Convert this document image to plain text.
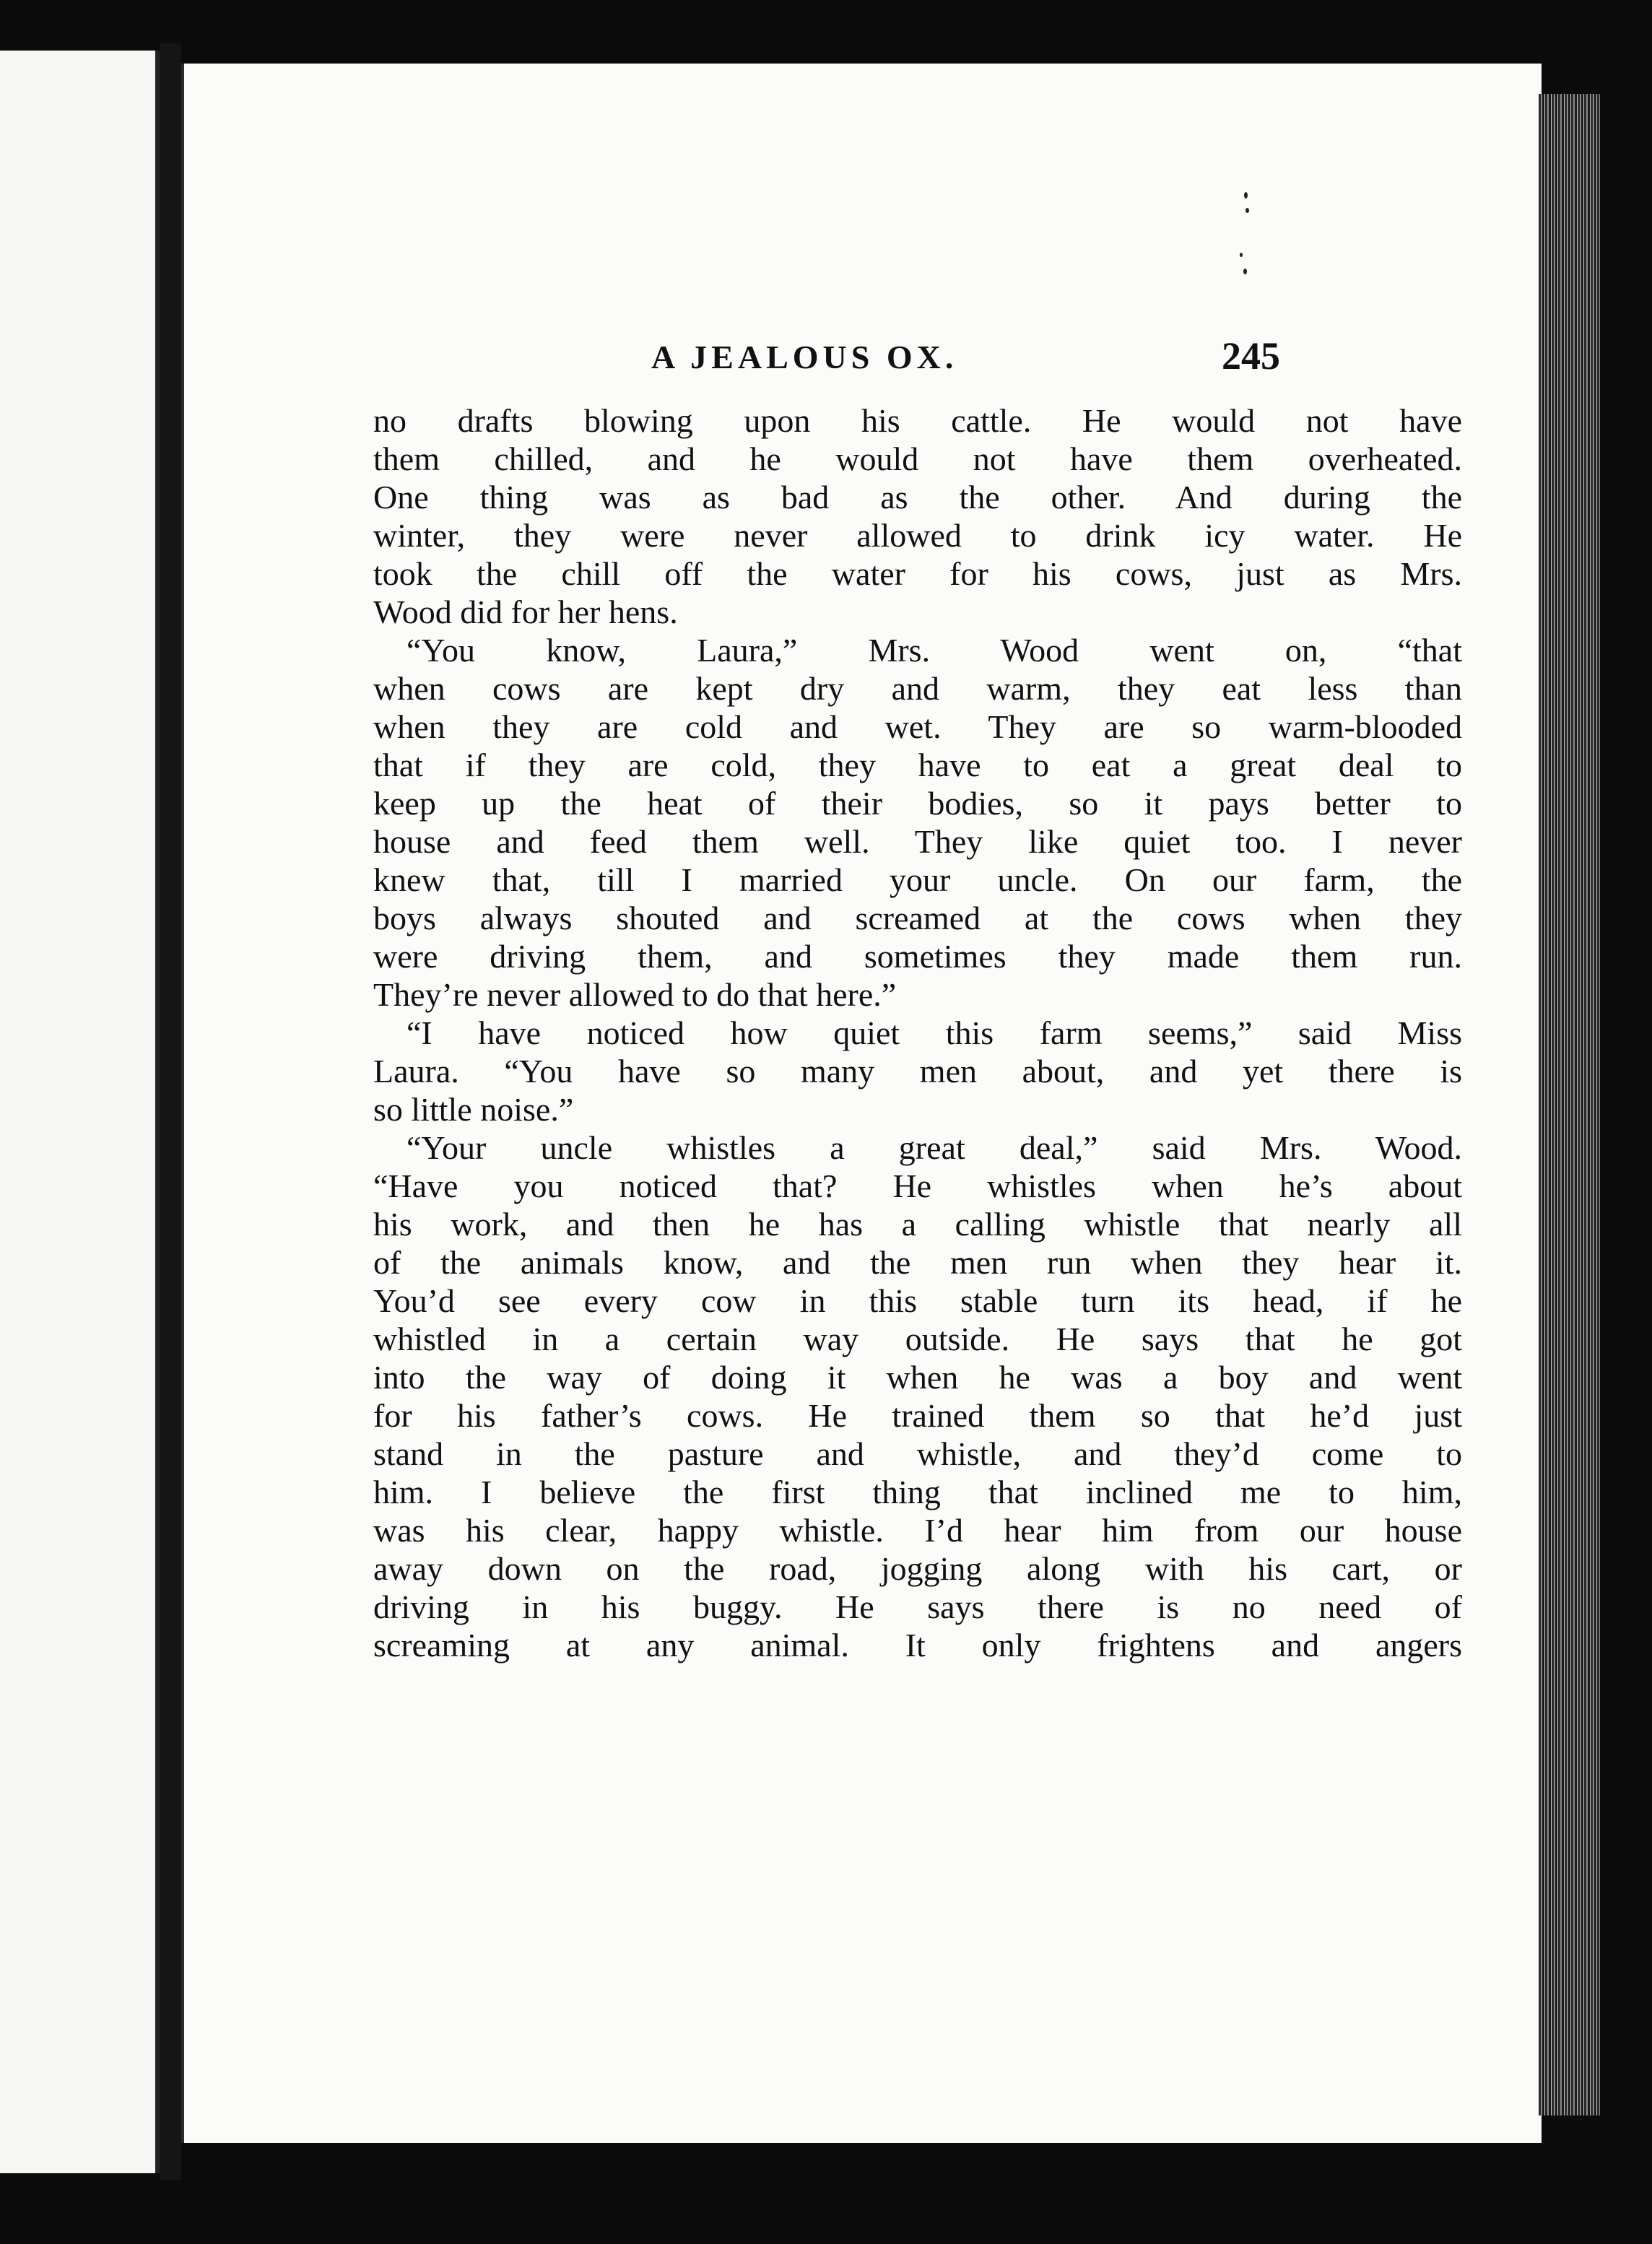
A JEALOUS OX.	245
no drafts blowing upon his cattle. He would not have
them chilled, and he would not have them overheated.
One thing was as bad as the other. And during the
winter, they were never allowed to drink icy water. He
took the chill off the water for his cows, just as Mrs.
Wood did for her hens.
“You know, Laura,” Mrs. Wood went on, “that
when cows are kept dry and warm, they eat less than
when they are cold and wet. They are so warm-blooded
that if they are cold, they have to eat a great deal to
keep up the heat of their bodies, so it pays better to
house and feed them well. They like quiet too. I never
knew that, till I married your uncle. On our farm, the
boys always shouted and screamed at the cows when they
were driving them, and sometimes they made them run.
They’re never allowed to do that here.”
“I have noticed how quiet this farm seems,” said Miss
Laura. “You have so many men about, and yet there is
so little noise.”
“Your uncle whistles a great deal,” said Mrs. Wood.
“Have you noticed that? He whistles when he’s about
his work, and then he has a calling whistle that nearly all
of the animals know, and the men run when they hear it.
You’d see every cow in this stable turn its head, if he
whistled in a certain way outside. He says that he got
into the way of doing it when he was a boy and went
for his father’s cows. He trained them so that he’d just
stand in the pasture and whistle, and they’d come to
him. I believe the first thing that inclined me to him,
was his clear, happy whistle. I’d hear him from our house
away down on the road, jogging along with his cart, or
driving in his buggy. He says there is no need of
screaming at any animal. It only frightens and angers
